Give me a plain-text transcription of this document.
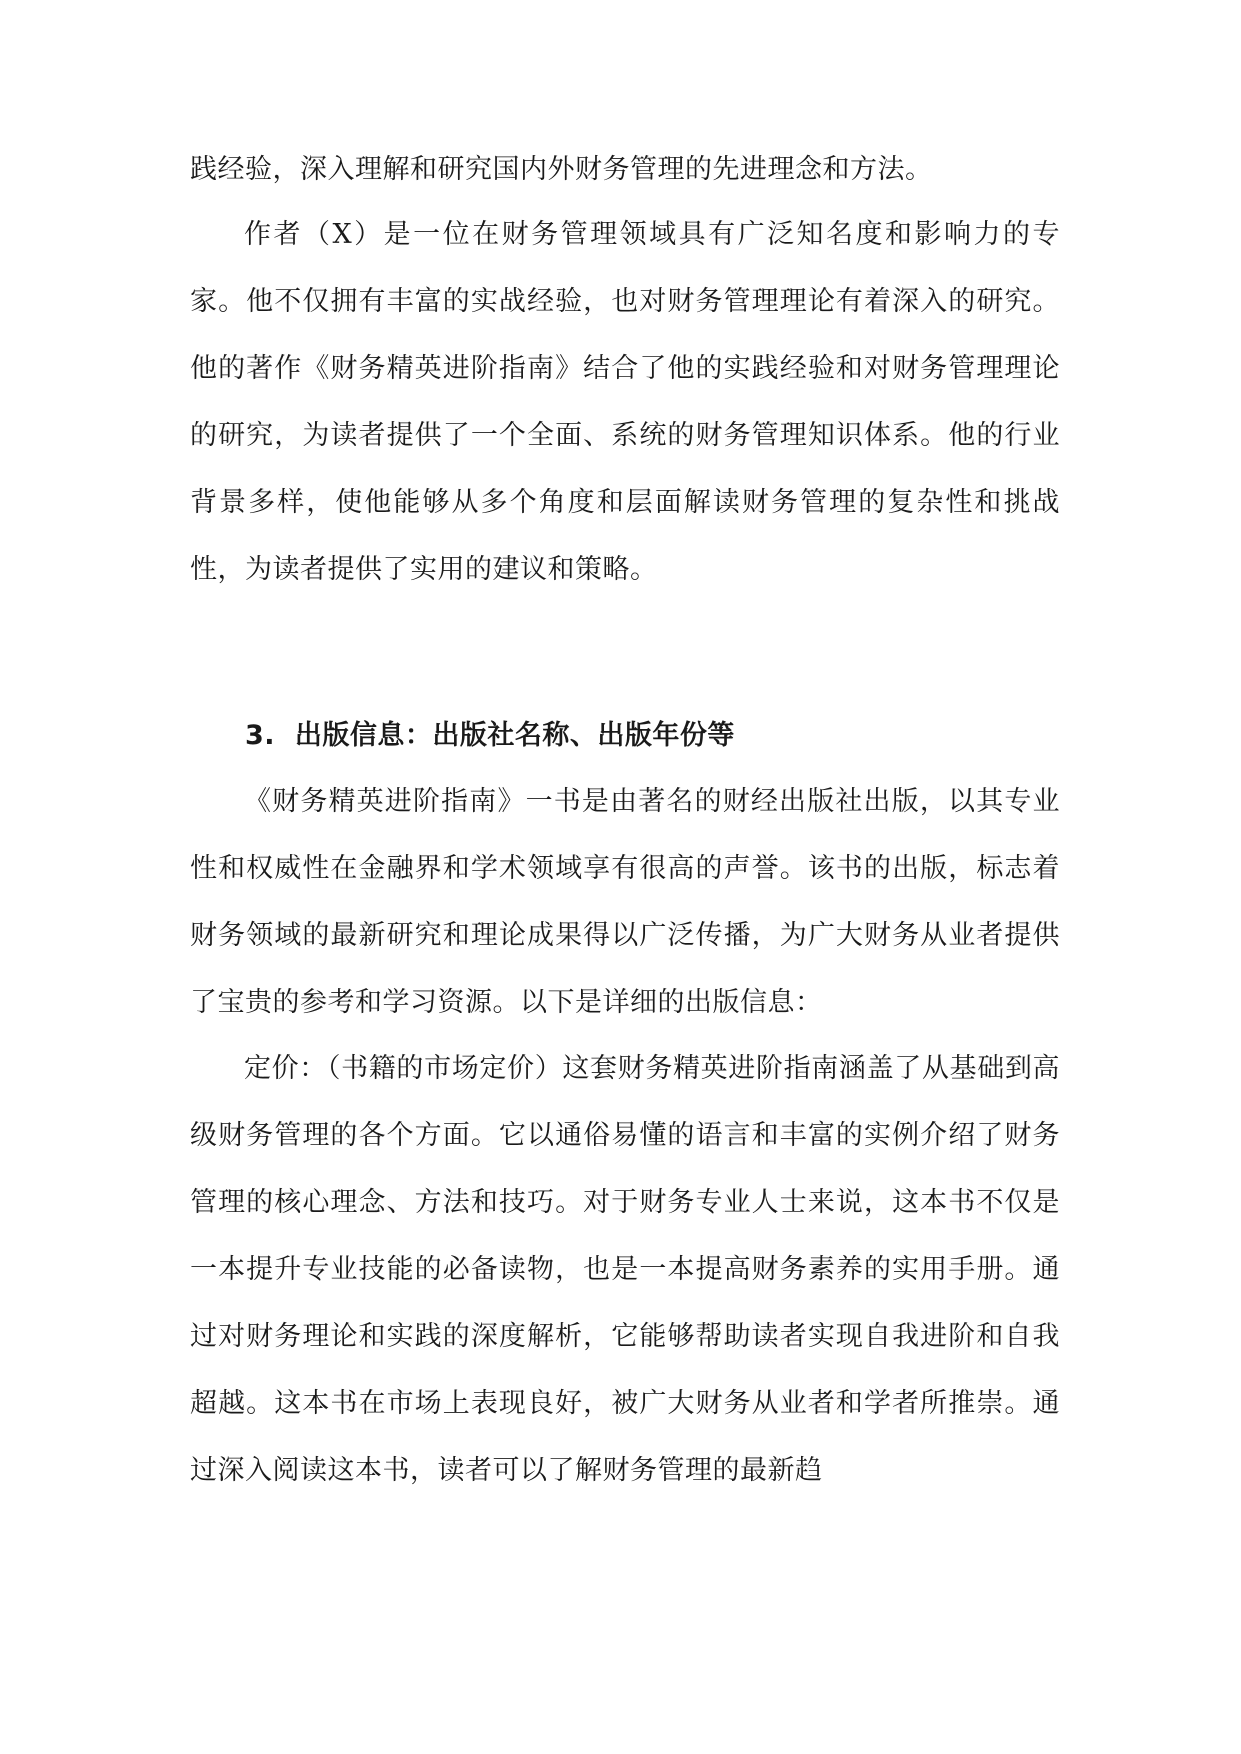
践经验，深入理解和研究国内外财务管理的先进理念和方法。

作者（X）是一位在财务管理领域具有广泛知名度和影响力的专家。他不仅拥有丰富的实战经验，也对财务管理理论有着深入的研究。他的著作《财务精英进阶指南》结合了他的实践经验和对财务管理理论的研究，为读者提供了一个全面、系统的财务管理知识体系。他的行业背景多样，使他能够从多个角度和层面解读财务管理的复杂性和挑战性，为读者提供了实用的建议和策略。

3. 出版信息：出版社名称、出版年份等

《财务精英进阶指南》一书是由著名的财经出版社出版，以其专业性和权威性在金融界和学术领域享有很高的声誉。该书的出版，标志着财务领域的最新研究和理论成果得以广泛传播，为广大财务从业者提供了宝贵的参考和学习资源。以下是详细的出版信息：

定价：（书籍的市场定价）这套财务精英进阶指南涵盖了从基础到高级财务管理的各个方面。它以通俗易懂的语言和丰富的实例介绍了财务管理的核心理念、方法和技巧。对于财务专业人士来说，这本书不仅是一本提升专业技能的必备读物，也是一本提高财务素养的实用手册。通过对财务理论和实践的深度解析，它能够帮助读者实现自我进阶和自我超越。这本书在市场上表现良好，被广大财务从业者和学者所推崇。通过深入阅读这本书，读者可以了解财务管理的最新趋
